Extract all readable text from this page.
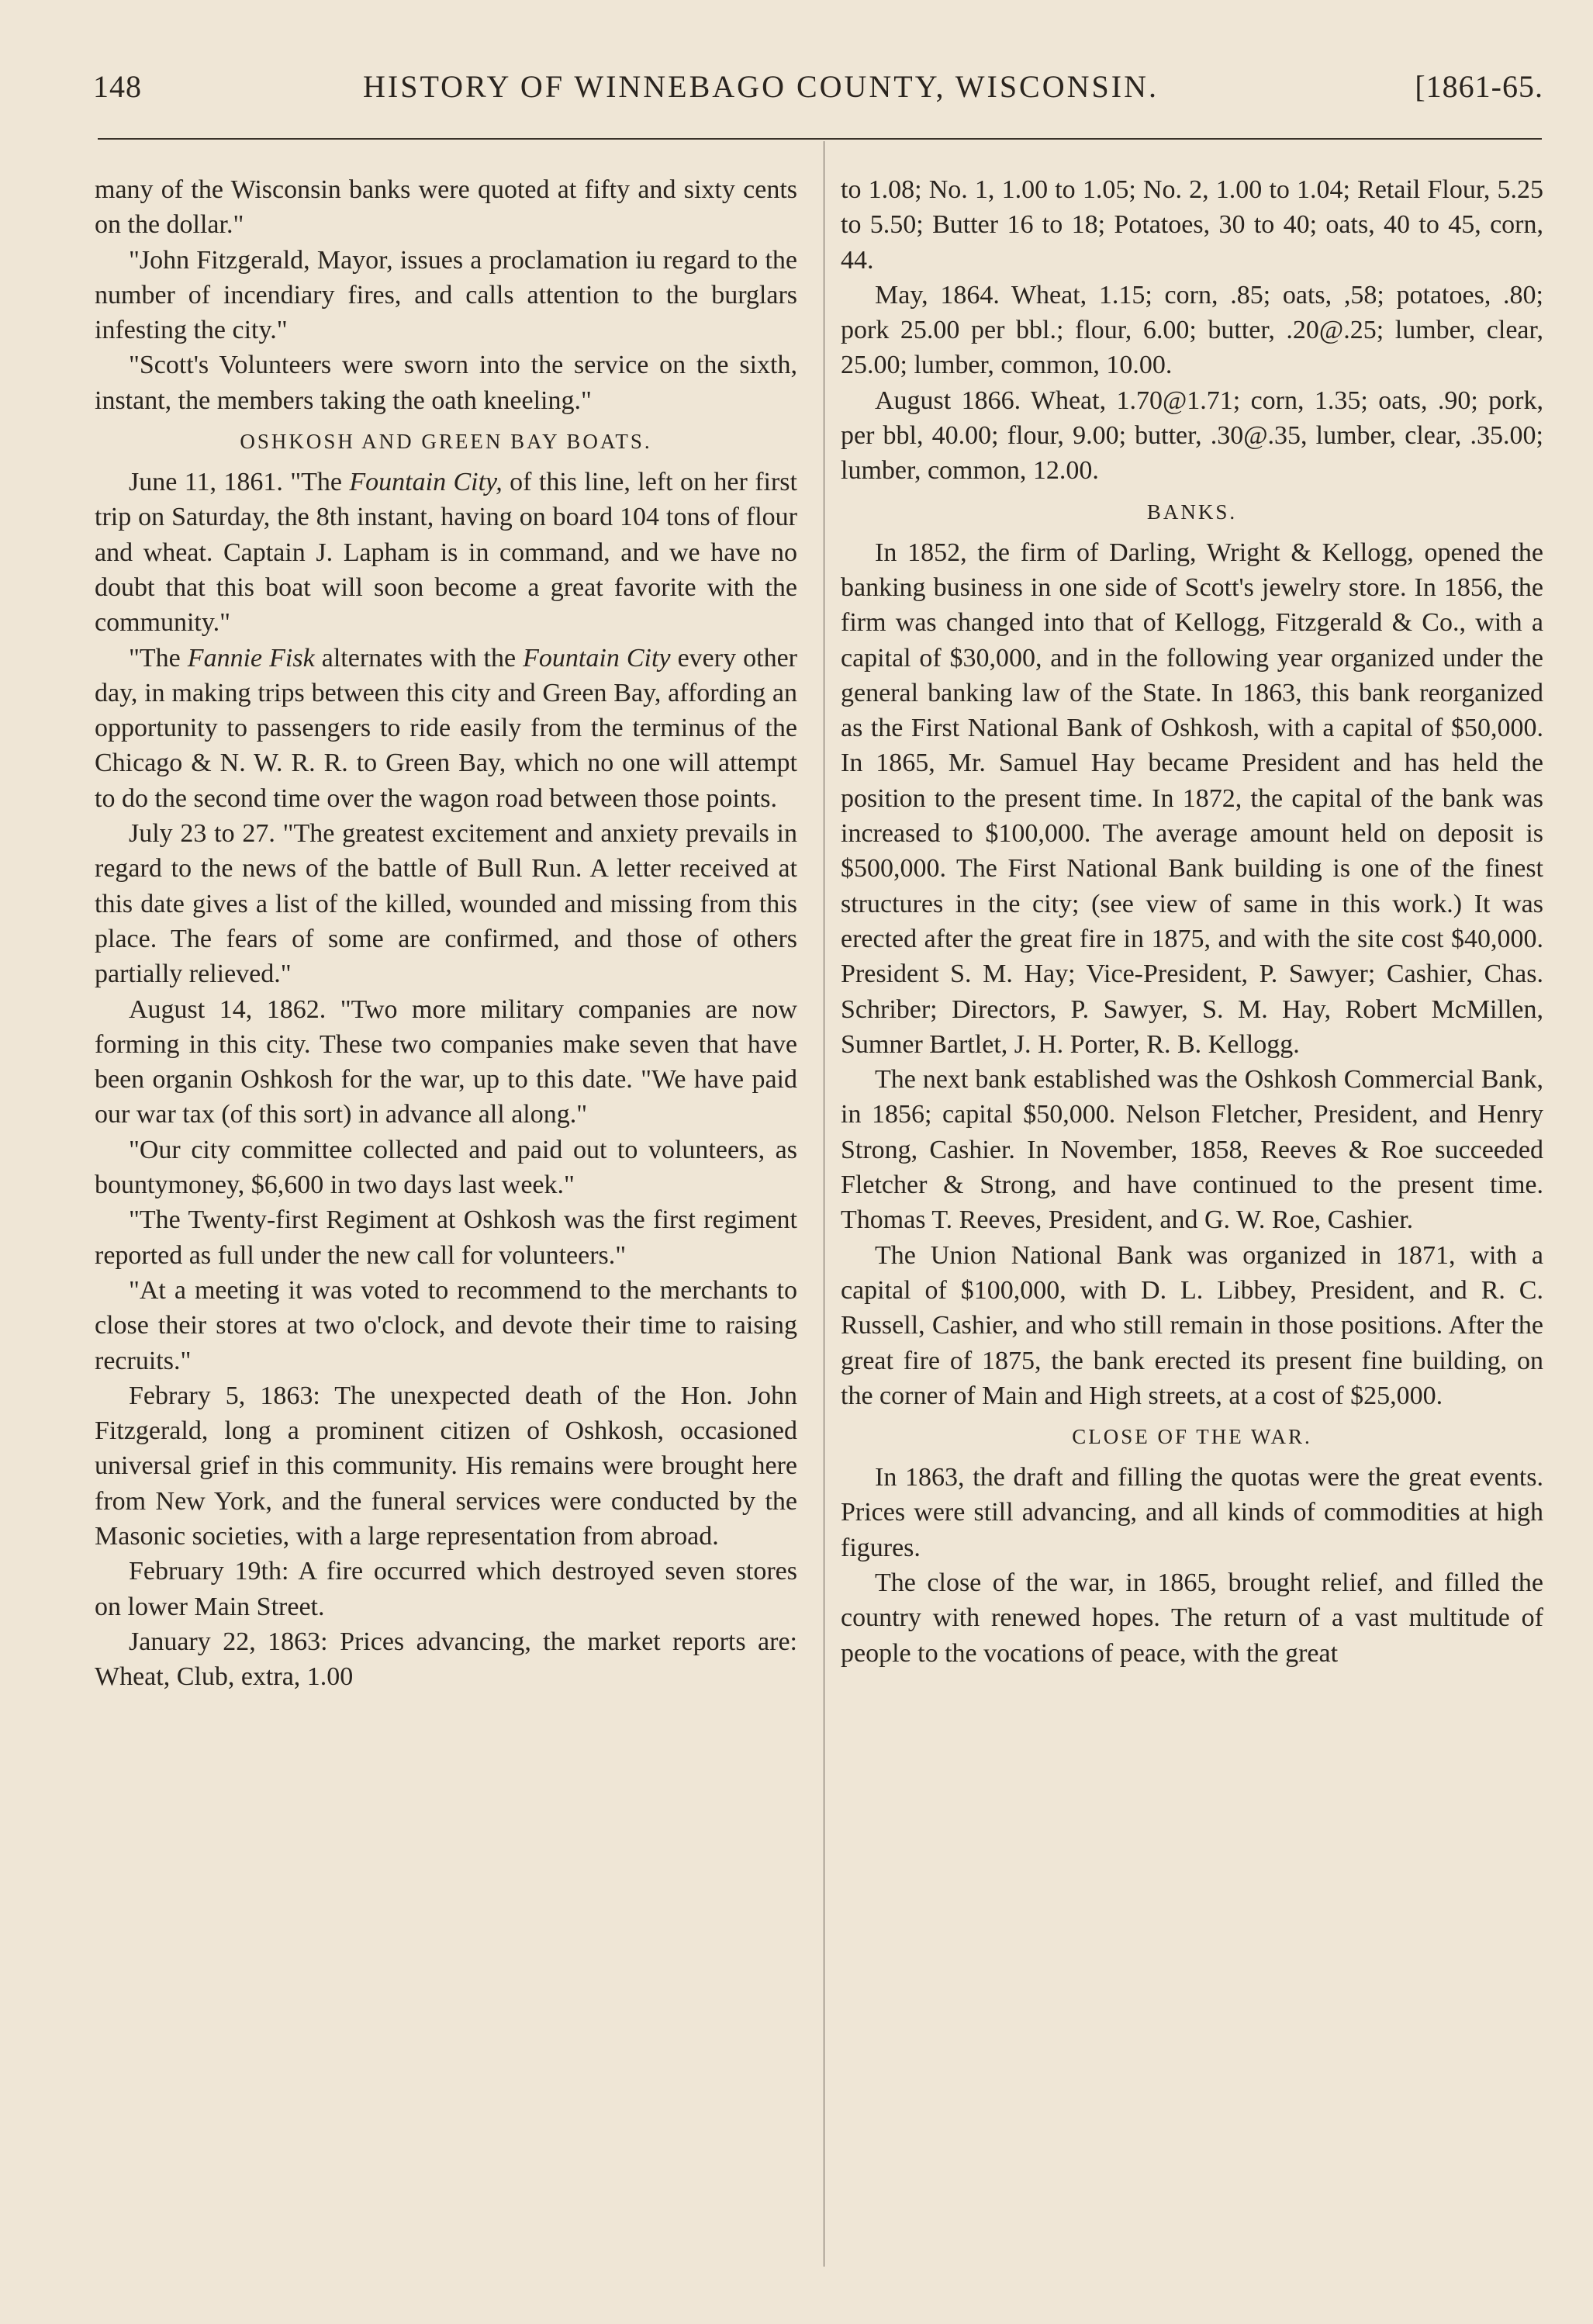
148	HISTORY OF WINNEBAGO COUNTY, WISCONSIN.	[1861-65.

many of the Wisconsin banks were quoted at fifty and sixty cents on the dollar."

"John Fitzgerald, Mayor, issues a proclamation iu regard to the number of incendiary fires, and calls attention to the burglars infesting the city."

"Scott's Volunteers were sworn into the service on the sixth, instant, the members taking the oath kneeling."

OSHKOSH AND GREEN BAY BOATS.

June 11, 1861. "The Fountain City, of this line, left on her first trip on Saturday, the 8th instant, having on board 104 tons of flour and wheat. Captain J. Lapham is in command, and we have no doubt that this boat will soon become a great favorite with the community."

"The Fannie Fisk alternates with the Fountain City every other day, in making trips between this city and Green Bay, affording an opportunity to passengers to ride easily from the terminus of the Chicago & N. W. R. R. to Green Bay, which no one will attempt to do the second time over the wagon road between those points.

July 23 to 27. "The greatest excitement and anxiety prevails in regard to the news of the battle of Bull Run. A letter received at this date gives a list of the killed, wounded and missing from this place. The fears of some are confirmed, and those of others partially relieved."

August 14, 1862. "Two more military companies are now forming in this city. These two companies make seven that have been organin Oshkosh for the war, up to this date. "We have paid our war tax (of this sort) in advance all along."

"Our city committee collected and paid out to volunteers, as bountymoney, $6,600 in two days last week."

"The Twenty-first Regiment at Oshkosh was the first regiment reported as full under the new call for volunteers."

"At a meeting it was voted to recommend to the merchants to close their stores at two o'clock, and devote their time to raising recruits."

Febrary 5, 1863: The unexpected death of the Hon. John Fitzgerald, long a prominent citizen of Oshkosh, occasioned universal grief in this community. His remains were brought here from New York, and the funeral services were conducted by the Masonic societies, with a large representation from abroad.

February 19th: A fire occurred which destroyed seven stores on lower Main Street.

January 22, 1863: Prices advancing, the market reports are: Wheat, Club, extra, 1.00

to 1.08; No. 1, 1.00 to 1.05; No. 2, 1.00 to 1.04; Retail Flour, 5.25 to 5.50; Butter 16 to 18; Potatoes, 30 to 40; oats, 40 to 45, corn, 44.

May, 1864. Wheat, 1.15; corn, .85; oats, ,58; potatoes, .80; pork 25.00 per bbl.; flour, 6.00; butter, .20@.25; lumber, clear, 25.00; lumber, common, 10.00.

August 1866. Wheat, 1.70@1.71; corn, 1.35; oats, .90; pork, per bbl, 40.00; flour, 9.00; butter, .30@.35, lumber, clear, .35.00; lumber, common, 12.00.

BANKS.

In 1852, the firm of Darling, Wright & Kellogg, opened the banking business in one side of Scott's jewelry store. In 1856, the firm was changed into that of Kellogg, Fitzgerald & Co., with a capital of $30,000, and in the following year organized under the general banking law of the State. In 1863, this bank reorganized as the First National Bank of Oshkosh, with a capital of $50,000. In 1865, Mr. Samuel Hay became President and has held the position to the present time. In 1872, the capital of the bank was increased to $100,000. The average amount held on deposit is $500,000. The First National Bank building is one of the finest structures in the city; (see view of same in this work.) It was erected after the great fire in 1875, and with the site cost $40,000. President S. M. Hay; Vice-President, P. Sawyer; Cashier, Chas. Schriber; Directors, P. Sawyer, S. M. Hay, Robert McMillen, Sumner Bartlet, J. H. Porter, R. B. Kellogg.

The next bank established was the Oshkosh Commercial Bank, in 1856; capital $50,000. Nelson Fletcher, President, and Henry Strong, Cashier. In November, 1858, Reeves & Roe succeeded Fletcher & Strong, and have continued to the present time. Thomas T. Reeves, President, and G. W. Roe, Cashier.

The Union National Bank was organized in 1871, with a capital of $100,000, with D. L. Libbey, President, and R. C. Russell, Cashier, and who still remain in those positions. After the great fire of 1875, the bank erected its present fine building, on the corner of Main and High streets, at a cost of $25,000.

CLOSE OF THE WAR.

In 1863, the draft and filling the quotas were the great events. Prices were still advancing, and all kinds of commodities at high figures.

The close of the war, in 1865, brought relief, and filled the country with renewed hopes. The return of a vast multitude of people to the vocations of peace, with the great
